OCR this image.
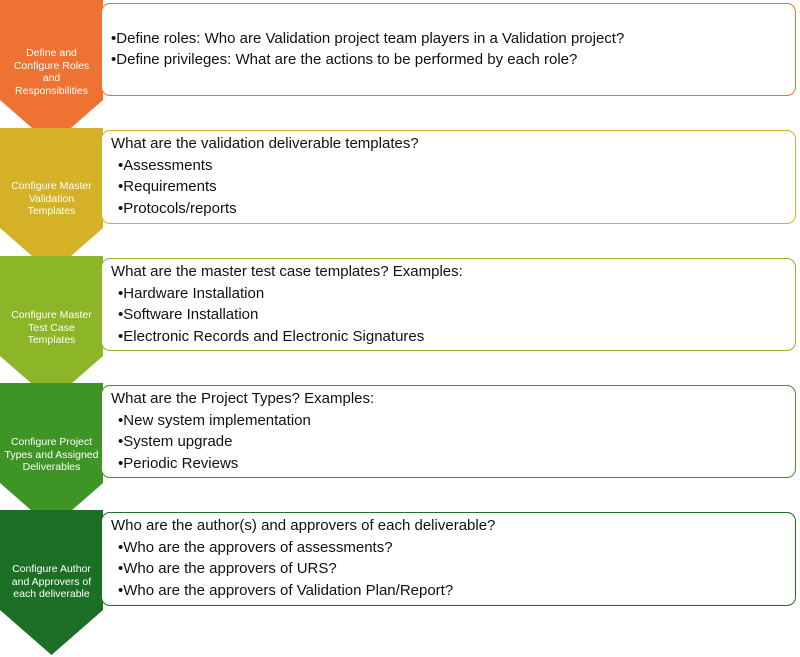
Define and
Configure Roles
and
Responsibilities
•Define roles: Who are Validation project team players in a Validation project?
•Define privileges: What are the actions to be performed by each role?
Configure Master
Validation
Templates
What are the validation deliverable templates?
•Assessments
•Requirements
•Protocols/reports
Configure Master
Test Case
Templates
What are the master test case templates? Examples:
•Hardware Installation
•Software Installation
•Electronic Records and Electronic Signatures
Configure Project
Types and Assigned
Deliverables
What are the Project Types? Examples:
•New system implementation
•System upgrade
•Periodic Reviews
Configure Author
and Approvers of
each deliverable
Who are the author(s) and approvers of each deliverable?
•Who are the approvers of assessments?
•Who are the approvers of URS?
•Who are the approvers of Validation Plan/Report?
